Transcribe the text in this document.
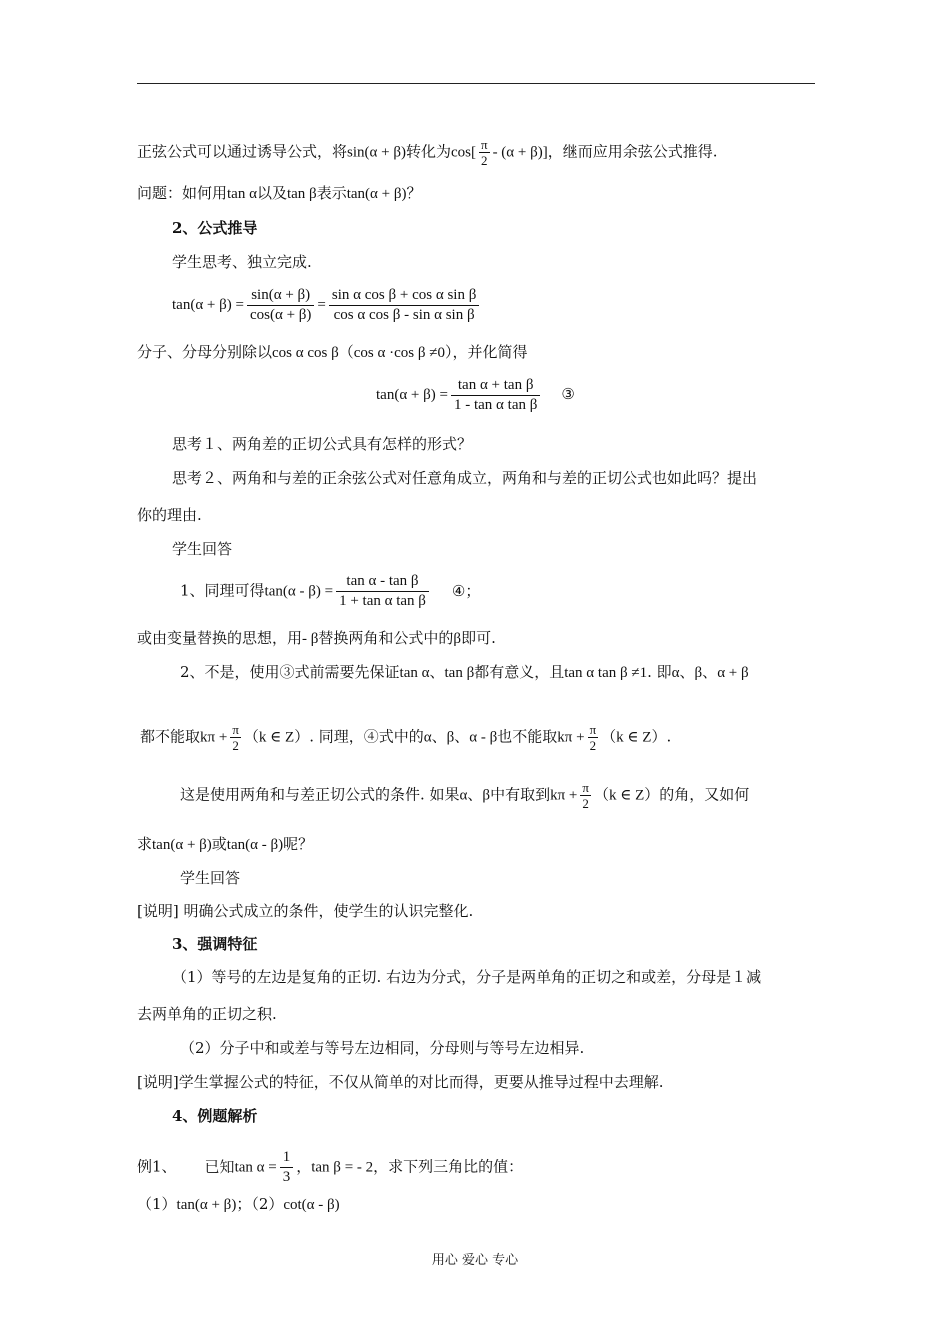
正弦公式可以通过诱导公式，将sin(α + β)转化为$\cos[ \frac{\pi}{2} - (\alpha + \beta)]$，继而应用余弦公式推得.
问题：如何用tan α以及tan β表示tan(α + β)？
2、公式推导
学生思考、独立完成.
$\tan(\alpha + \beta) = \frac{\sin(\alpha + \beta)}{\cos(\alpha + \beta)} = \frac{\text{sin α cos β + cos α sin β}}{\text{cos α cos β - sin α sin β}}$
分子、分母分别除以cos α cos β（cos α ·cos β ≠0），并化简得
$\tan(\alpha + \beta) = \frac{\text{tan α + tan β}}{\text{1 - tan α tan β}}$ ③
思考１、两角差的正切公式具有怎样的形式？
思考２、两角和与差的正余弦公式对任意角成立，两角和与差的正切公式也如此吗？提出
你的理由.
学生回答
1、同理可得$\tan(\alpha - \beta) = \frac{\text{tan α - tan β}}{\text{1 + tan α tan β}}$ ④；
或由变量替换的思想，用- β替换两角和公式中的β即可.
2、不是，使用③式前需要先保证tan α、tan β都有意义，且tan α tan β ≠1. 即α、β、α + β
都不能取$k\pi + \frac{\pi}{2} (k$ ∈ Z）. 同理，④式中的α、β、α - β也不能取$k\pi + \frac{\pi}{2} (k$ ∈ Z）.
这是使用两角和与差正切公式的条件. 如果α、β中有取到$k\pi + \frac{\pi}{2} (k$ ∈ Z）的角，又如何
求tan(α + β)或tan(α - β)呢？
学生回答
[说明] 明确公式成立的条件，使学生的认识完整化.
3、强调特征
（1）等号的左边是复角的正切. 右边为分式，分子是两单角的正切之和或差，分母是１减
去两单角的正切之积.
（2）分子中和或差与等号左边相同，分母则与等号左边相异.
[说明]学生掌握公式的特征，不仅从简单的对比而得，更要从推导过程中去理解.
4、例题解析
例1、 已知$\tan \alpha = \frac{1}{3}$ ，tan β = - 2，求下列三角比的值：
（1）tan(α + β)；（2）cot(α - β)
用心 爱心 专心
